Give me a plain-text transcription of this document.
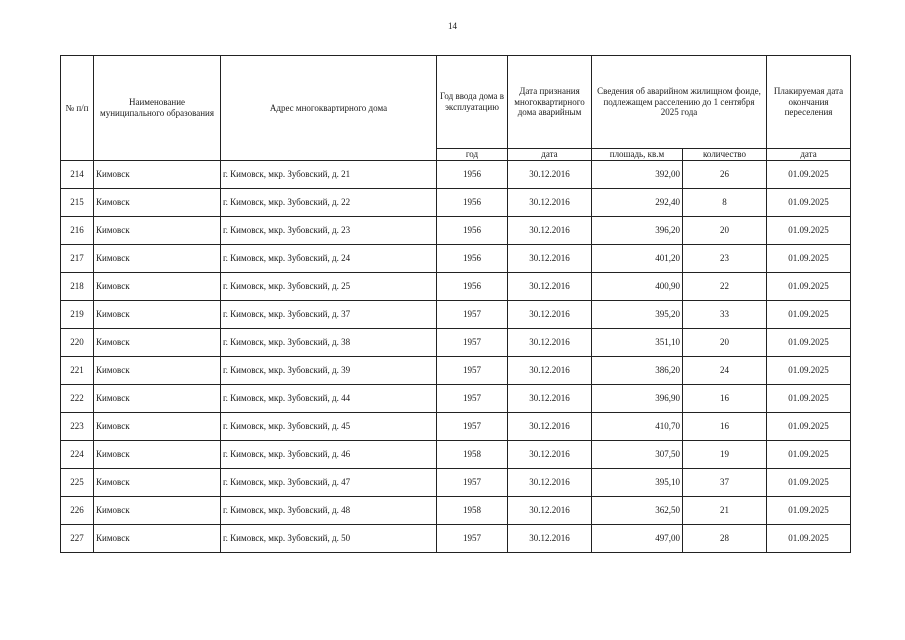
14
№ п/п	Наименование муниципального образования	Адрес многоквартирного дома	Год ввода дома в эксплуатацию	Дата признания многоквартирного дома аварийным	Сведения об аварийном жилищном фоиде, подлежащем расселению до 1 сентября 2025 года		Плакируемая дата окончания переселения
			год	дата	плошадь, кв.м	количество	дата
214	Кимовск	г. Кимовск, мкр. Зубовский, д. 21	1956	30.12.2016	392,00	26	01.09.2025
215	Кимовск	г. Кимовск, мкр. Зубовский, д. 22	1956	30.12.2016	292,40	8	01.09.2025
216	Кимовск	г. Кимовск, мкр. Зубовский, д. 23	1956	30.12.2016	396,20	20	01.09.2025
217	Кимовск	г. Кимовск, мкр. Зубовский, д. 24	1956	30.12.2016	401,20	23	01.09.2025
218	Кимовск	г. Кимовск, мкр. Зубовский, д. 25	1956	30.12.2016	400,90	22	01.09.2025
219	Кимовск	г. Кимовск, мкр. Зубовский, д. 37	1957	30.12.2016	395,20	33	01.09.2025
220	Кимовск	г. Кимовск, мкр. Зубовский, д. 38	1957	30.12.2016	351,10	20	01.09.2025
221	Кимовск	г. Кимовск, мкр. Зубовский, д. 39	1957	30.12.2016	386,20	24	01.09.2025
222	Кимовск	г. Кимовск, мкр. Зубовский, д. 44	1957	30.12.2016	396,90	16	01.09.2025
223	Кимовск	г. Кимовск, мкр. Зубовский, д. 45	1957	30.12.2016	410,70	16	01.09.2025
224	Кимовск	г. Кимовск, мкр. Зубовский, д. 46	1958	30.12.2016	307,50	19	01.09.2025
225	Кимовск	г. Кимовск, мкр. Зубовский, д. 47	1957	30.12.2016	395,10	37	01.09.2025
226	Кимовск	г. Кимовск, мкр. Зубовский, д. 48	1958	30.12.2016	362,50	21	01.09.2025
227	Кимовск	г. Кимовск, мкр. Зубовский, д. 50	1957	30.12.2016	497,00	28	01.09.2025
